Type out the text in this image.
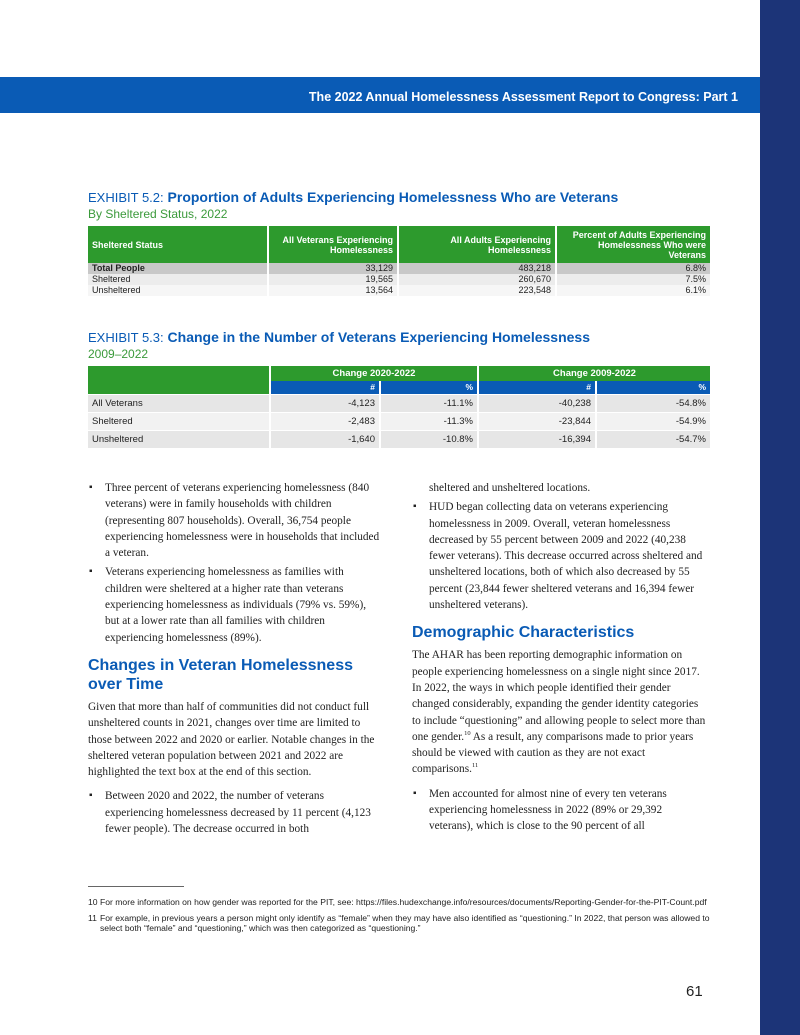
The 2022 Annual Homelessness Assessment Report to Congress: Part 1
EXHIBIT 5.2: Proportion of Adults Experiencing Homelessness Who are Veterans
By Sheltered Status, 2022
Sheltered Status	All Veterans Experiencing Homelessness	All Adults Experiencing Homelessness	Percent of Adults Experiencing Homelessness Who were Veterans
Total People	33,129	483,218	6.8%
Sheltered	19,565	260,670	7.5%
Unsheltered	13,564	223,548	6.1%
EXHIBIT 5.3: Change in the Number of Veterans Experiencing Homelessness
2009–2022
	Change 2020-2022		Change 2009-2022	
	#	%	#	%
All Veterans	-4,123	-11.1%	-40,238	-54.8%
Sheltered	-2,483	-11.3%	-23,844	-54.9%
Unsheltered	-1,640	-10.8%	-16,394	-54.7%
▪ Three percent of veterans experiencing homelessness (840 veterans) were in family households with children (representing 807 households). Overall, 36,754 people experiencing homelessness were in households that included a veteran.
▪ Veterans experiencing homelessness as families with children were sheltered at a higher rate than veterans experiencing homelessness as individuals (79% vs. 59%), but at a lower rate than all families with children experiencing homelessness (89%).
Changes in Veteran Homelessness over Time

Given that more than half of communities did not conduct full unsheltered counts in 2021, changes over time are limited to those between 2022 and 2020 or earlier. Notable changes in the sheltered veteran population between 2021 and 2022 are highlighted the text box at the end of this section.

▪ Between 2020 and 2022, the number of veterans experiencing homelessness decreased by 11 percent (4,123 fewer people). The decrease occurred in both
sheltered and unsheltered locations.
▪ HUD began collecting data on veterans experiencing homelessness in 2009. Overall, veteran homelessness decreased by 55 percent between 2009 and 2022 (40,238 fewer veterans). This decrease occurred across sheltered and unsheltered locations, both of which also decreased by 55 percent (23,844 fewer sheltered veterans and 16,394 fewer unsheltered veterans).
Demographic Characteristics

The AHAR has been reporting demographic information on people experiencing homelessness on a single night since 2017. In 2022, the ways in which people identified their gender changed considerably, expanding the gender identity categories to include “questioning” and allowing people to select more than one gender.$^{10}$ As a result, any comparisons made to prior years should be viewed with caution as they are not exact comparisons.$^{11}$

▪ Men accounted for almost nine of every ten veterans experiencing homelessness in 2022 (89% or 29,392 veterans), which is close to the 90 percent of all
10 For more information on how gender was reported for the PIT, see: https://files.hudexchange.info/resources/documents/Reporting-Gender-for-the-PIT-Count.pdf
11 For example, in previous years a person might only identify as “female” when they may have also identified as “questioning.” In 2022, that person was allowed to select both “female” and “questioning,” which was then categorized as “questioning.”
61
